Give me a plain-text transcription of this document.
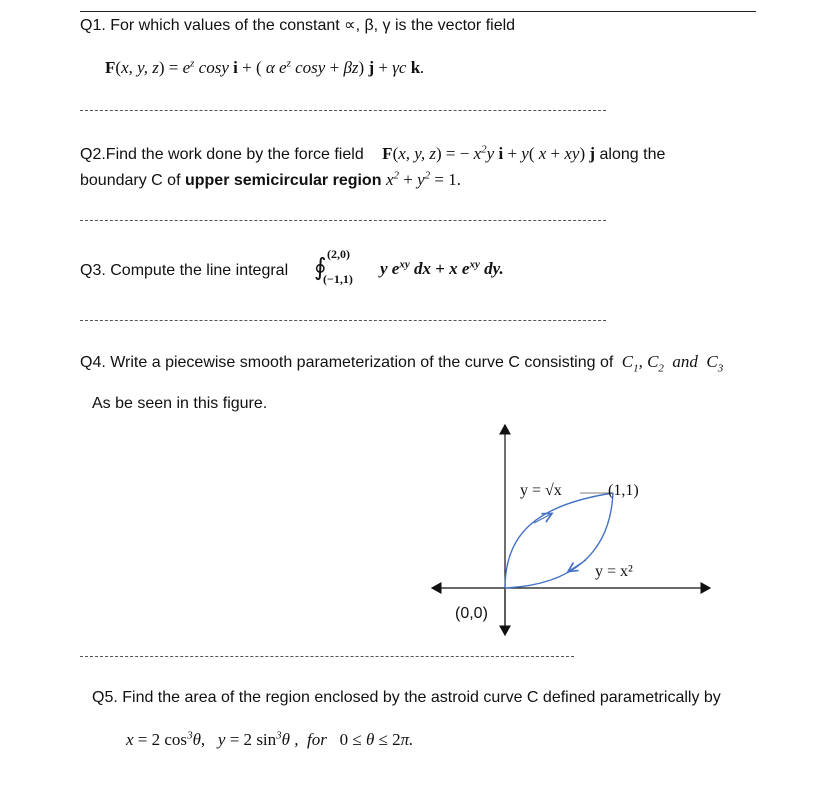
Q1. For which values of the constant ∝, β, γ is the vector field
F(x, y, $z) = e^z$ cosy i + ( α $e^z$ cosy + βz) j + γc k.
Q2.Find the work done by the force field F(x, y, z) = − $x^2y$ i + y( x + xy) j along the
boundary C of upper semicircular region $x^2 + y^2 = 1$.
Q3. Compute the line integral ∮ (2,0)
(−1,1)
y $e^{xy}$ dx + x $e^{xy}$ dy.
Q4. Write a piecewise smooth parameterization of the curve C consisting of $C_1$, $C_2$  and  $C_3$
As be seen in this figure.
y = √x	(1,1)
y = x²
(0,0)
Q5. Find the area of the region enclosed by the astroid curve C defined parametrically by
x = 2 $\cos^3\theta$,   y = 2 $\sin^3\theta$ ,  for   0 ≤ θ ≤ 2π.
